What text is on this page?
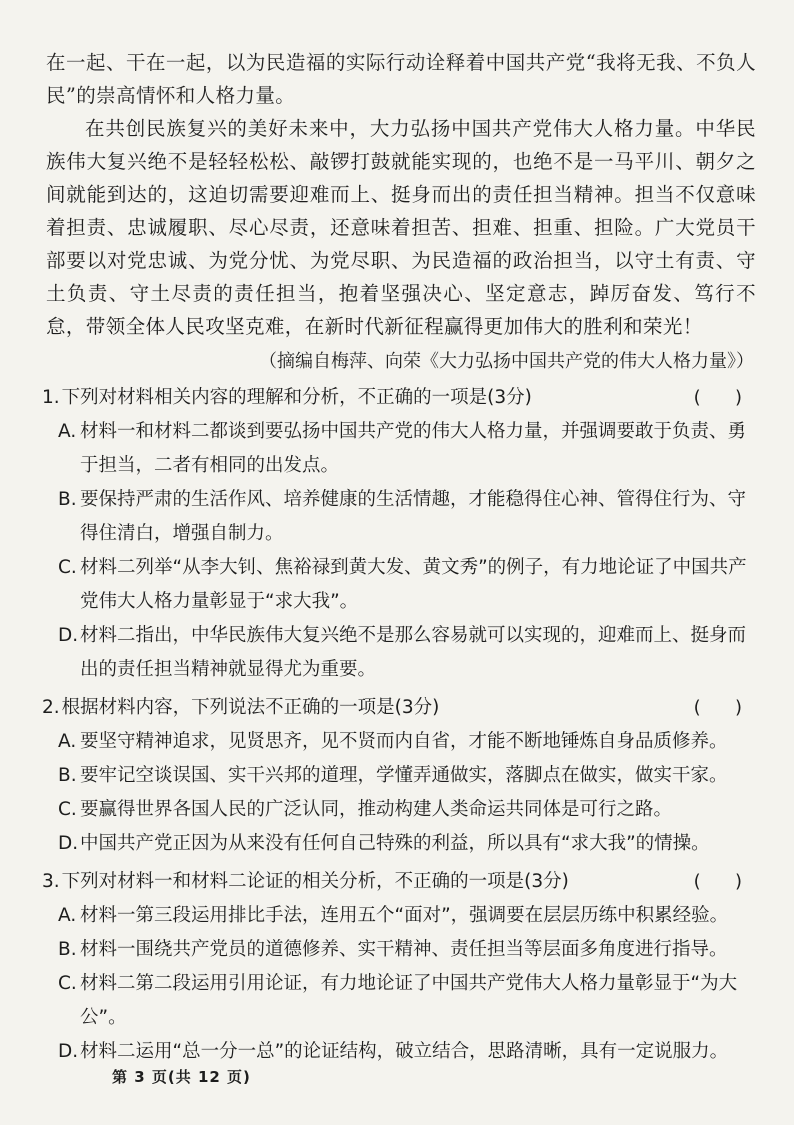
在一起、干在一起，以为民造福的实际行动诠释着中国共产党“我将无我、不负人民”的崇高情怀和人格力量。

在共创民族复兴的美好未来中，大力弘扬中国共产党伟大人格力量。中华民族伟大复兴绝不是轻轻松松、敲锣打鼓就能实现的，也绝不是一马平川、朝夕之间就能到达的，这迫切需要迎难而上、挺身而出的责任担当精神。担当不仅意味着担责、忠诚履职、尽心尽责，还意味着担苦、担难、担重、担险。广大党员干部要以对党忠诚、为党分忧、为党尽职、为民造福的政治担当，以守土有责、守土负责、守土尽责的责任担当，抱着坚强决心、坚定意志，踔厉奋发、笃行不怠，带领全体人民攻坚克难，在新时代新征程赢得更加伟大的胜利和荣光！

（摘编自梅萍、向荣《大力弘扬中国共产党的伟大人格力量》）

1. 下列对材料相关内容的理解和分析，不正确的一项是(3分)	(      )

A. 材料一和材料二都谈到要弘扬中国共产党的伟大人格力量，并强调要敢于负责、勇于担当，二者有相同的出发点。

B. 要保持严肃的生活作风、培养健康的生活情趣，才能稳得住心神、管得住行为、守得住清白，增强自制力。

C. 材料二列举“从李大钊、焦裕禄到黄大发、黄文秀”的例子，有力地论证了中国共产党伟大人格力量彰显于“求大我”。

D. 材料二指出，中华民族伟大复兴绝不是那么容易就可以实现的，迎难而上、挺身而出的责任担当精神就显得尤为重要。

2. 根据材料内容，下列说法不正确的一项是(3分)	(      )

A. 要坚守精神追求，见贤思齐，见不贤而内自省，才能不断地锤炼自身品质修养。

B. 要牢记空谈误国、实干兴邦的道理，学懂弄通做实，落脚点在做实，做实干家。

C. 要赢得世界各国人民的广泛认同，推动构建人类命运共同体是可行之路。

D. 中国共产党正因为从来没有任何自己特殊的利益，所以具有“求大我”的情操。

3. 下列对材料一和材料二论证的相关分析，不正确的一项是(3分)	(      )

A. 材料一第三段运用排比手法，连用五个“面对”，强调要在层层历练中积累经验。

B. 材料一围绕共产党员的道德修养、实干精神、责任担当等层面多角度进行指导。

C. 材料二第二段运用引用论证，有力地论证了中国共产党伟大人格力量彰显于“为大公”。

D. 材料二运用“总一分一总”的论证结构，破立结合，思路清晰，具有一定说服力。

第 3 页(共 12 页)
